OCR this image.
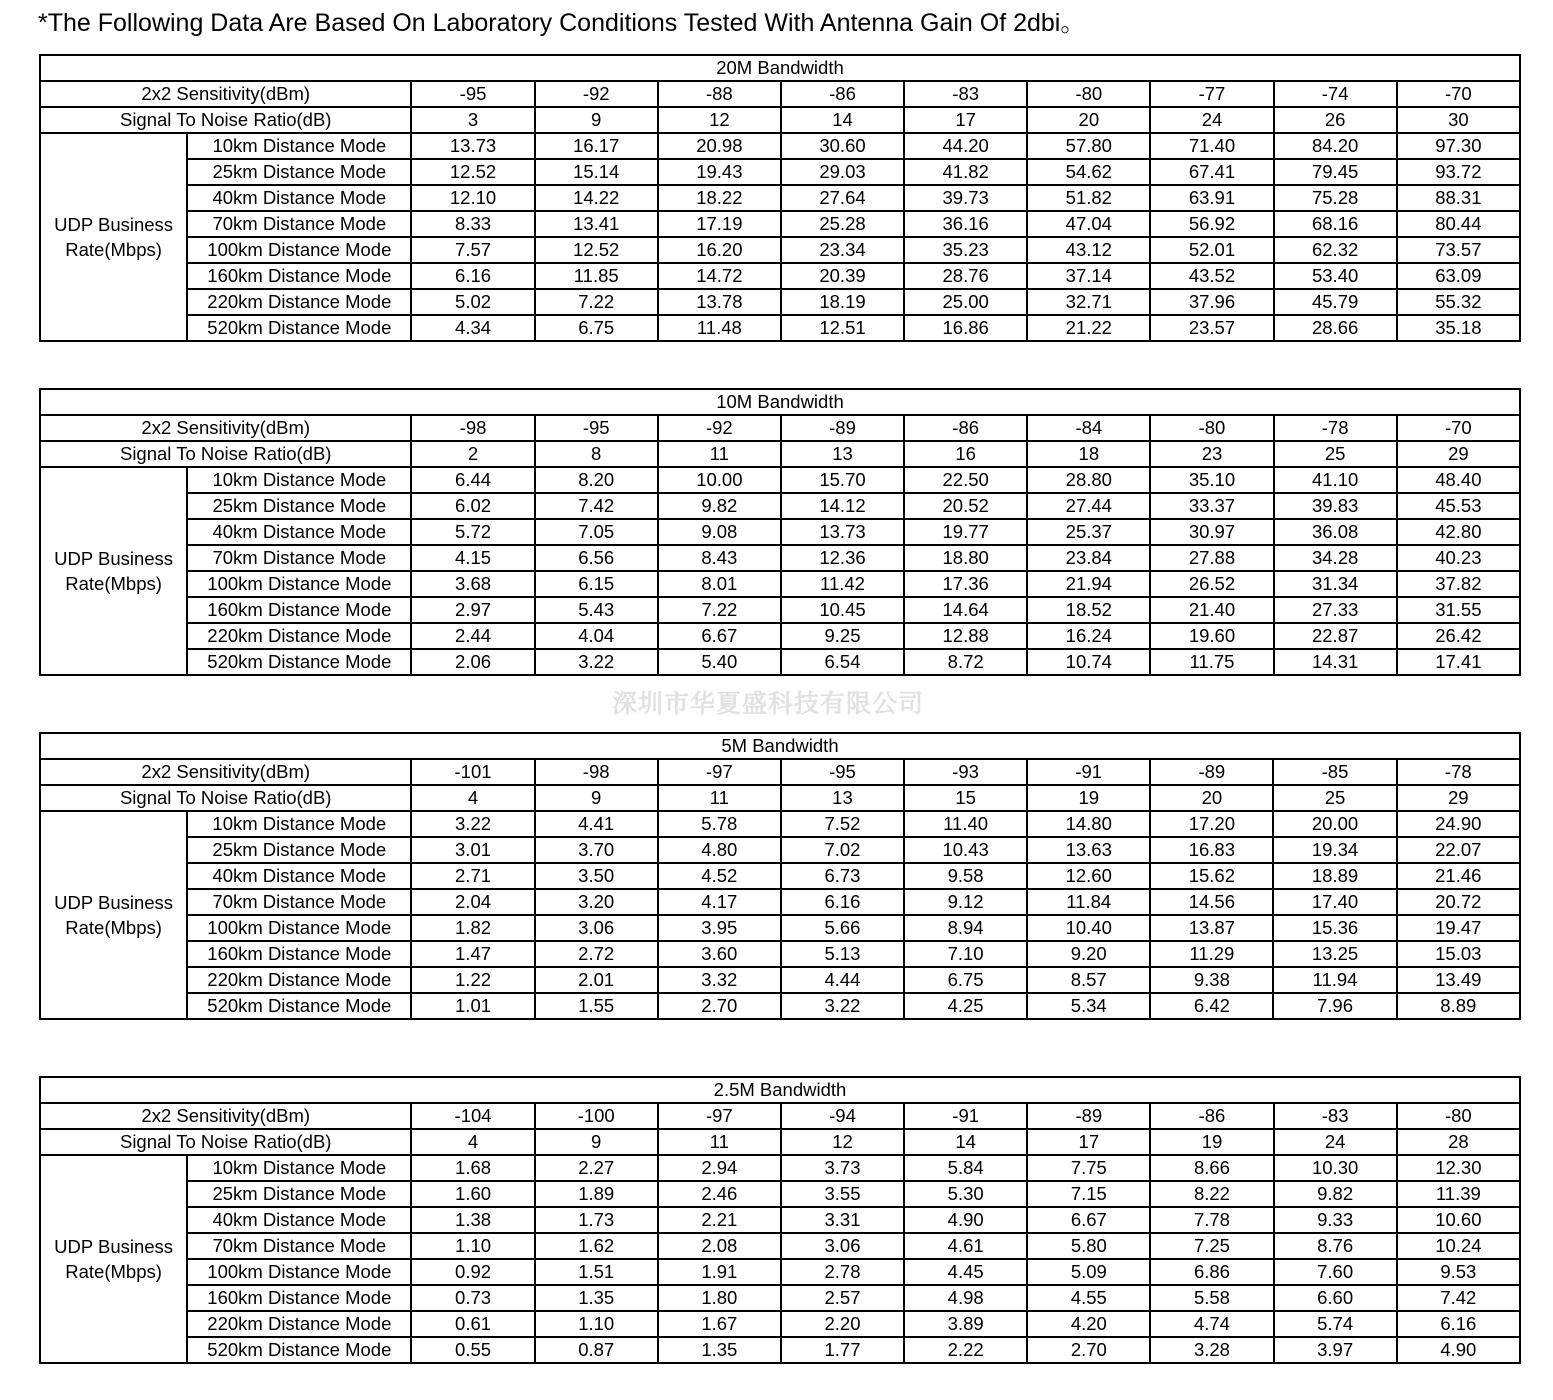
*The Following Data Are Based On Laboratory Conditions Tested With Antenna Gain Of 2dbi。
20M Bandwidth										
2x2 Sensitivity(dBm)		-95	-92	-88	-86	-83	-80	-77	-74	-70
Signal To Noise Ratio(dB)		3	9	12	14	17	20	24	26	30

UDP Business
Rate(Mbps)	10km Distance Mode	13.73	16.17	20.98	30.60	44.20	57.80	71.40	84.20	97.30
	25km Distance Mode	12.52	15.14	19.43	29.03	41.82	54.62	67.41	79.45	93.72
	40km Distance Mode	12.10	14.22	18.22	27.64	39.73	51.82	63.91	75.28	88.31
	70km Distance Mode	8.33	13.41	17.19	25.28	36.16	47.04	56.92	68.16	80.44
	100km Distance Mode	7.57	12.52	16.20	23.34	35.23	43.12	52.01	62.32	73.57
	160km Distance Mode	6.16	11.85	14.72	20.39	28.76	37.14	43.52	53.40	63.09
	220km Distance Mode	5.02	7.22	13.78	18.19	25.00	32.71	37.96	45.79	55.32
	520km Distance Mode	4.34	6.75	11.48	12.51	16.86	21.22	23.57	28.66	35.18
10M Bandwidth										
2x2 Sensitivity(dBm)		-98	-95	-92	-89	-86	-84	-80	-78	-70
Signal To Noise Ratio(dB)		2	8	11	13	16	18	23	25	29

UDP Business
Rate(Mbps)	10km Distance Mode	6.44	8.20	10.00	15.70	22.50	28.80	35.10	41.10	48.40
	25km Distance Mode	6.02	7.42	9.82	14.12	20.52	27.44	33.37	39.83	45.53
	40km Distance Mode	5.72	7.05	9.08	13.73	19.77	25.37	30.97	36.08	42.80
	70km Distance Mode	4.15	6.56	8.43	12.36	18.80	23.84	27.88	34.28	40.23
	100km Distance Mode	3.68	6.15	8.01	11.42	17.36	21.94	26.52	31.34	37.82
	160km Distance Mode	2.97	5.43	7.22	10.45	14.64	18.52	21.40	27.33	31.55
	220km Distance Mode	2.44	4.04	6.67	9.25	12.88	16.24	19.60	22.87	26.42
	520km Distance Mode	2.06	3.22	5.40	6.54	8.72	10.74	11.75	14.31	17.41
5M Bandwidth										
2x2 Sensitivity(dBm)		-101	-98	-97	-95	-93	-91	-89	-85	-78
Signal To Noise Ratio(dB)		4	9	11	13	15	19	20	25	29

UDP Business
Rate(Mbps)	10km Distance Mode	3.22	4.41	5.78	7.52	11.40	14.80	17.20	20.00	24.90
	25km Distance Mode	3.01	3.70	4.80	7.02	10.43	13.63	16.83	19.34	22.07
	40km Distance Mode	2.71	3.50	4.52	6.73	9.58	12.60	15.62	18.89	21.46
	70km Distance Mode	2.04	3.20	4.17	6.16	9.12	11.84	14.56	17.40	20.72
	100km Distance Mode	1.82	3.06	3.95	5.66	8.94	10.40	13.87	15.36	19.47
	160km Distance Mode	1.47	2.72	3.60	5.13	7.10	9.20	11.29	13.25	15.03
	220km Distance Mode	1.22	2.01	3.32	4.44	6.75	8.57	9.38	11.94	13.49
	520km Distance Mode	1.01	1.55	2.70	3.22	4.25	5.34	6.42	7.96	8.89
2.5M Bandwidth										
2x2 Sensitivity(dBm)		-104	-100	-97	-94	-91	-89	-86	-83	-80
Signal To Noise Ratio(dB)		4	9	11	12	14	17	19	24	28

UDP Business
Rate(Mbps)	10km Distance Mode	1.68	2.27	2.94	3.73	5.84	7.75	8.66	10.30	12.30
	25km Distance Mode	1.60	1.89	2.46	3.55	5.30	7.15	8.22	9.82	11.39
	40km Distance Mode	1.38	1.73	2.21	3.31	4.90	6.67	7.78	9.33	10.60
	70km Distance Mode	1.10	1.62	2.08	3.06	4.61	5.80	7.25	8.76	10.24
	100km Distance Mode	0.92	1.51	1.91	2.78	4.45	5.09	6.86	7.60	9.53
	160km Distance Mode	0.73	1.35	1.80	2.57	4.98	4.55	5.58	6.60	7.42
	220km Distance Mode	0.61	1.10	1.67	2.20	3.89	4.20	4.74	5.74	6.16
	520km Distance Mode	0.55	0.87	1.35	1.77	2.22	2.70	3.28	3.97	4.90
深圳市华夏盛科技有限公司
